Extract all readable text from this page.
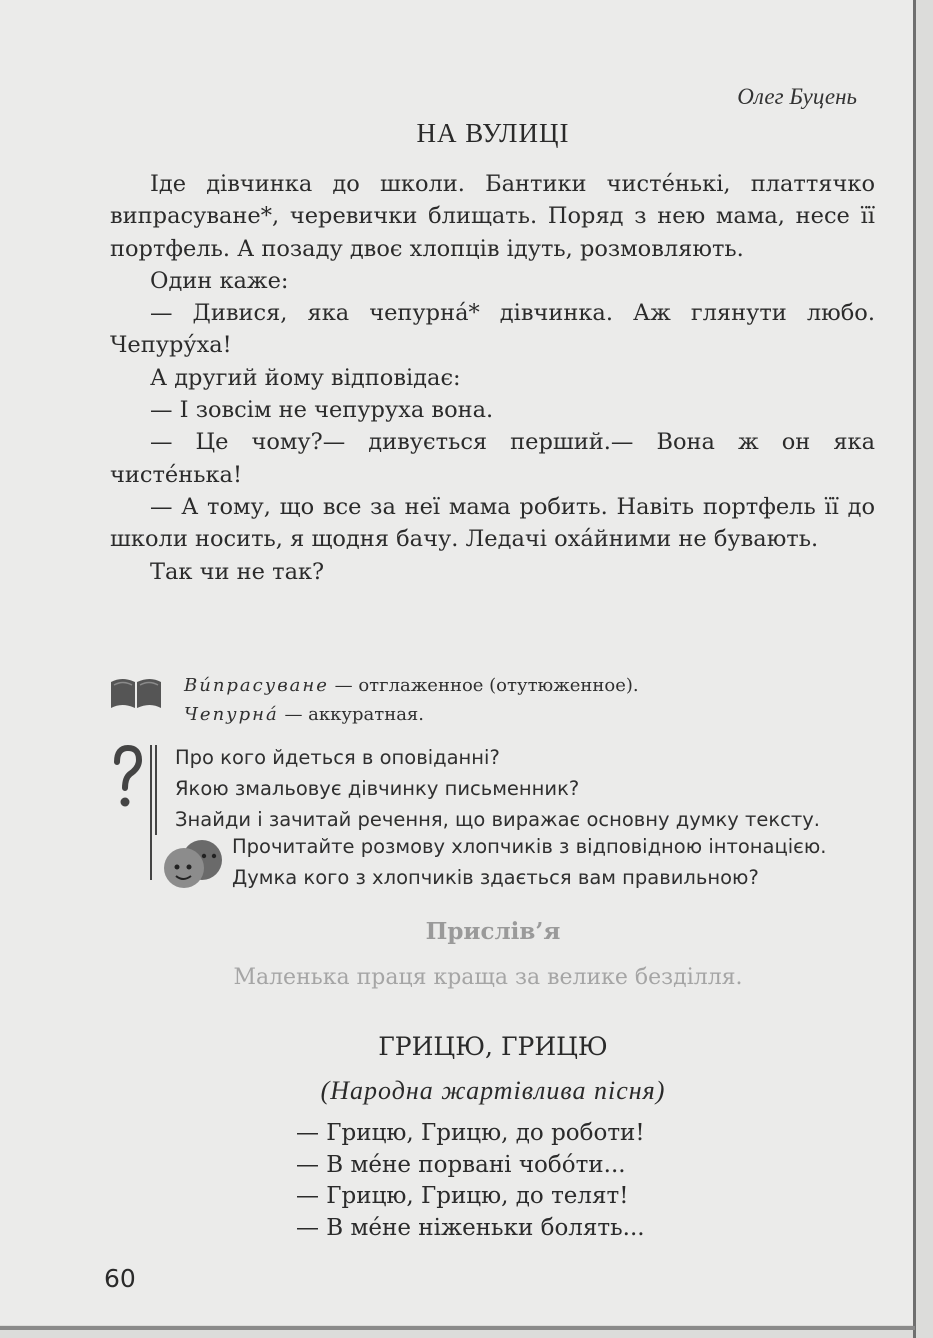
Олег Буцень
НА ВУЛИЦІ

Іде дівчинка до школи. Бантики чисте́нькі, платтячко випрасуване*, черевички блищать. Поряд з нею мама, несе її портфель. А позаду двоє хлопців ідуть, розмовляють.

Один каже:

— Дивися, яка чепурна́* дівчинка. Аж глянути любо. Чепуру́ха!

А другий йому відповідає:

— І зовсім не чепуруха вона.

— Це чому?— дивується перший.— Вона ж он яка чисте́нька!

— А тому, що все за неї мама робить. Навіть портфель її до школи носить, я щодня бачу. Ледачі оха́йними не бувають.

Так чи не так?

Ви́прасуване — отглаженное (отутюженное).
Чепурна́ — аккуратная.
Про кого йдеться в оповіданні?
Якою змальовує дівчинку письменник?
Знайди і зачитай речення, що виражає основну думку тексту.
Прочитайте розмову хлопчиків з відповідною інтонацією.
Думка кого з хлопчиків здається вам правильною?
Прислів’я
Маленька праця краща за велике безділля.
ГРИЦЮ, ГРИЦЮ
(Народна жартівлива пісня)
— Грицю, Грицю, до роботи!
— В ме́не порвані чобо́ти...
— Грицю, Грицю, до телят!
— В ме́не ніженьки болять...
60
